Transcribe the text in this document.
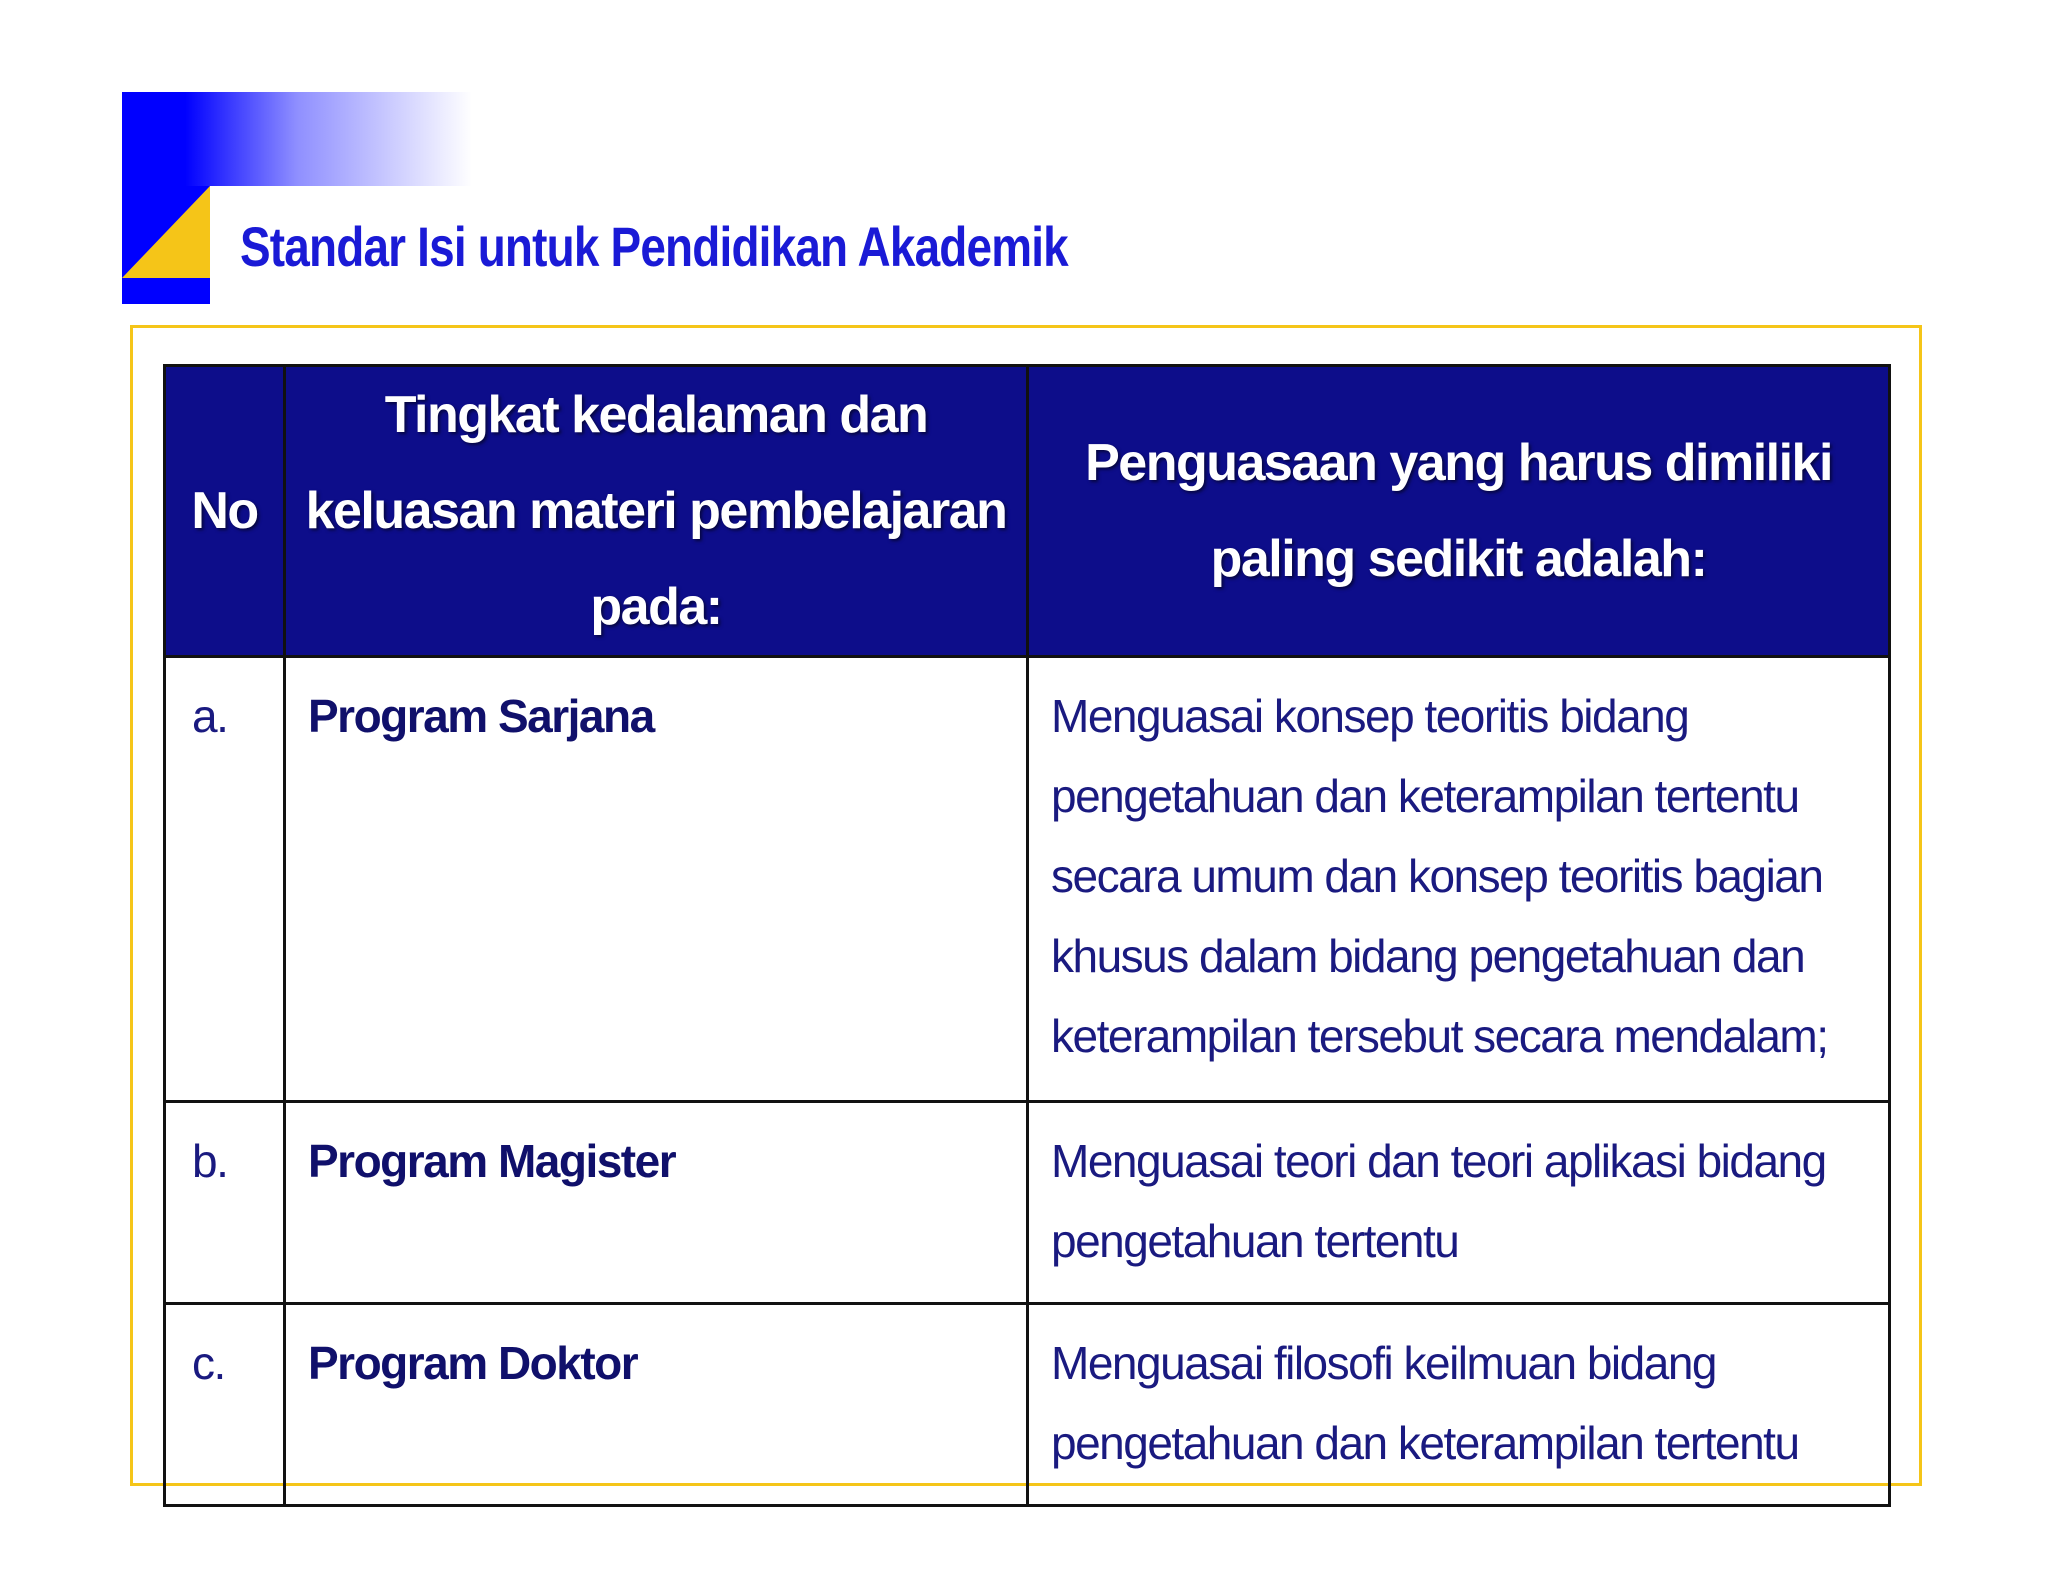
Standar Isi untuk Pendidikan Akademik
No	Tingkat kedalaman dan keluasan materi pembelajaran pada:	Penguasaan yang harus dimiliki paling sedikit adalah:
a.	Program Sarjana	Menguasai konsep teoritis bidang pengetahuan dan keterampilan tertentu secara umum dan konsep teoritis bagian khusus dalam bidang pengetahuan dan keterampilan tersebut secara mendalam;
b.	Program Magister	Menguasai teori dan teori aplikasi bidang pengetahuan tertentu
c.	Program Doktor	Menguasai filosofi keilmuan bidang pengetahuan dan keterampilan tertentu
